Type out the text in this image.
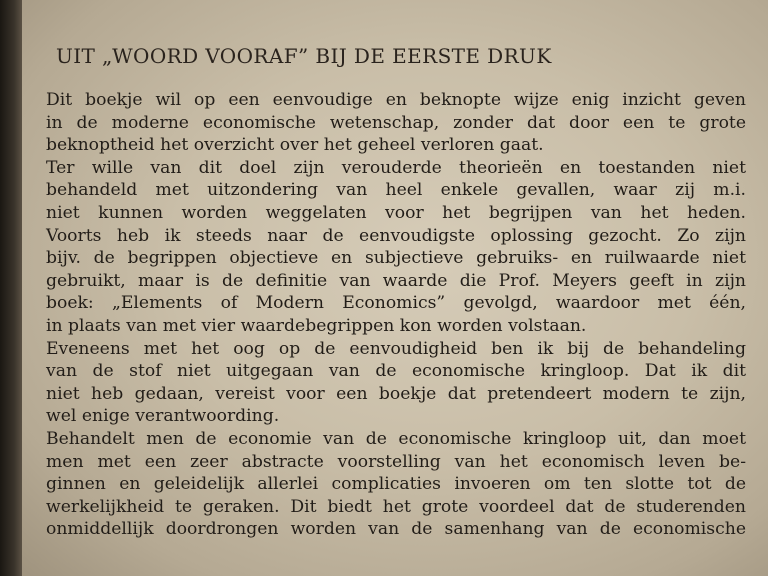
UIT „WOORD VOORAF” BIJ DE EERSTE DRUK
Dit boekje wil op een eenvoudige en beknopte wijze enig inzicht geven
in de moderne economische wetenschap, zonder dat door een te grote
beknoptheid het overzicht over het geheel verloren gaat.
Ter wille van dit doel zijn verouderde theorieën en toestanden niet
behandeld met uitzondering van heel enkele gevallen, waar zij m.i.
niet kunnen worden weggelaten voor het begrijpen van het heden.
Voorts heb ik steeds naar de eenvoudigste oplossing gezocht. Zo zijn
bijv. de begrippen objectieve en subjectieve gebruiks- en ruilwaarde niet
gebruikt, maar is de definitie van waarde die Prof. Meyers geeft in zijn
boek: „Elements of Modern Economics” gevolgd, waardoor met één,
in plaats van met vier waardebegrippen kon worden volstaan.
Eveneens met het oog op de eenvoudigheid ben ik bij de behandeling
van de stof niet uitgegaan van de economische kringloop. Dat ik dit
niet heb gedaan, vereist voor een boekje dat pretendeert modern te zijn,
wel enige verantwoording.
Behandelt men de economie van de economische kringloop uit, dan moet
men met een zeer abstracte voorstelling van het economisch leven be-
ginnen en geleidelijk allerlei complicaties invoeren om ten slotte tot de
werkelijkheid te geraken. Dit biedt het grote voordeel dat de studerenden
onmiddellijk doordrongen worden van de samenhang van de economische
